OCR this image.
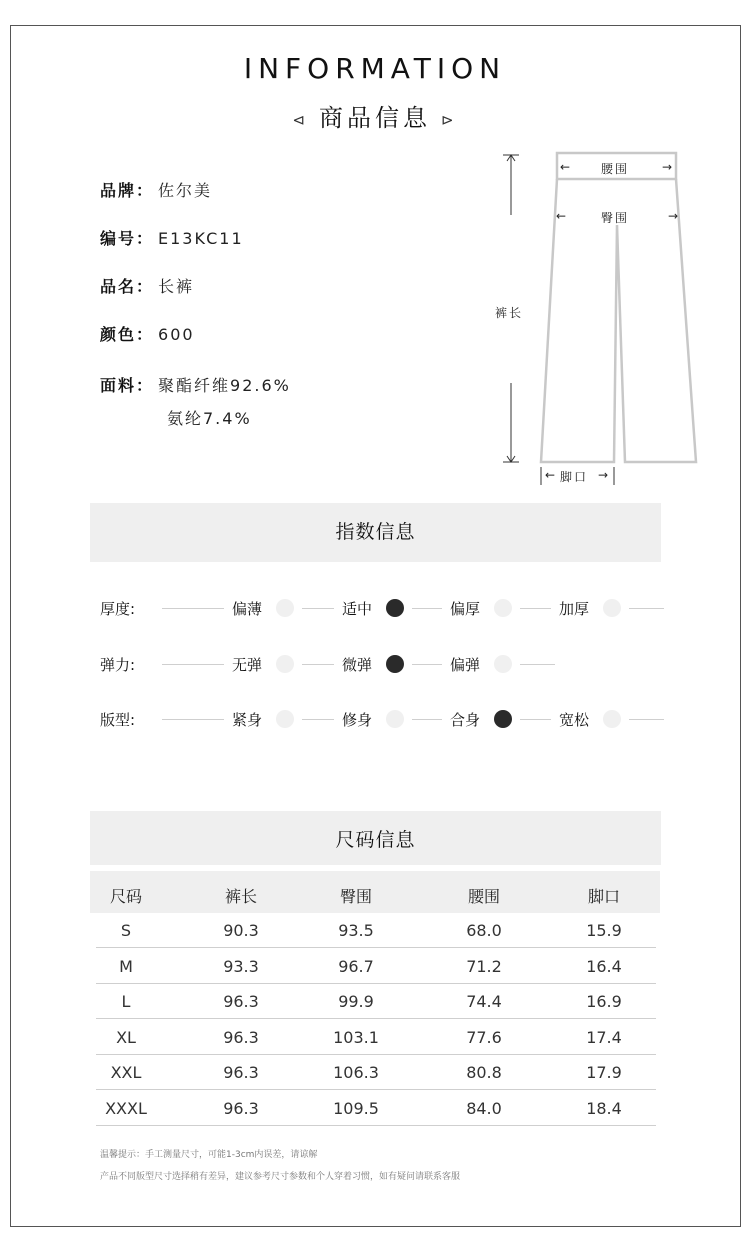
INFORMATION
⊲ 商品信息 ⊳
品牌： 佐尔美
编号： E13KC11
品名： 长裤
颜色： 600
面料： 聚酯纤维92.6%
氨纶7.4%
← 腰围	→
←	臀围	→
裤长
← 脚口 →
指数信息
厚度:	偏薄	适中	偏厚	加厚
弹力:	无弹	微弹	偏弹
版型:	紧身	修身	合身	宽松
尺码信息
尺码	裤长	臀围	腰围	脚口
S	90.3	93.5	68.0	15.9
M	93.3	96.7	71.2	16.4
L	96.3	99.9	74.4	16.9
XL	96.3	103.1	77.6	17.4
XXL	96.3	106.3	80.8	17.9
XXXL	96.3	109.5	84.0	18.4
温馨提示：手工测量尺寸，可能1-3cm内误差，请谅解
产品不同版型尺寸选择稍有差异，建议参考尺寸参数和个人穿着习惯，如有疑问请联系客服
